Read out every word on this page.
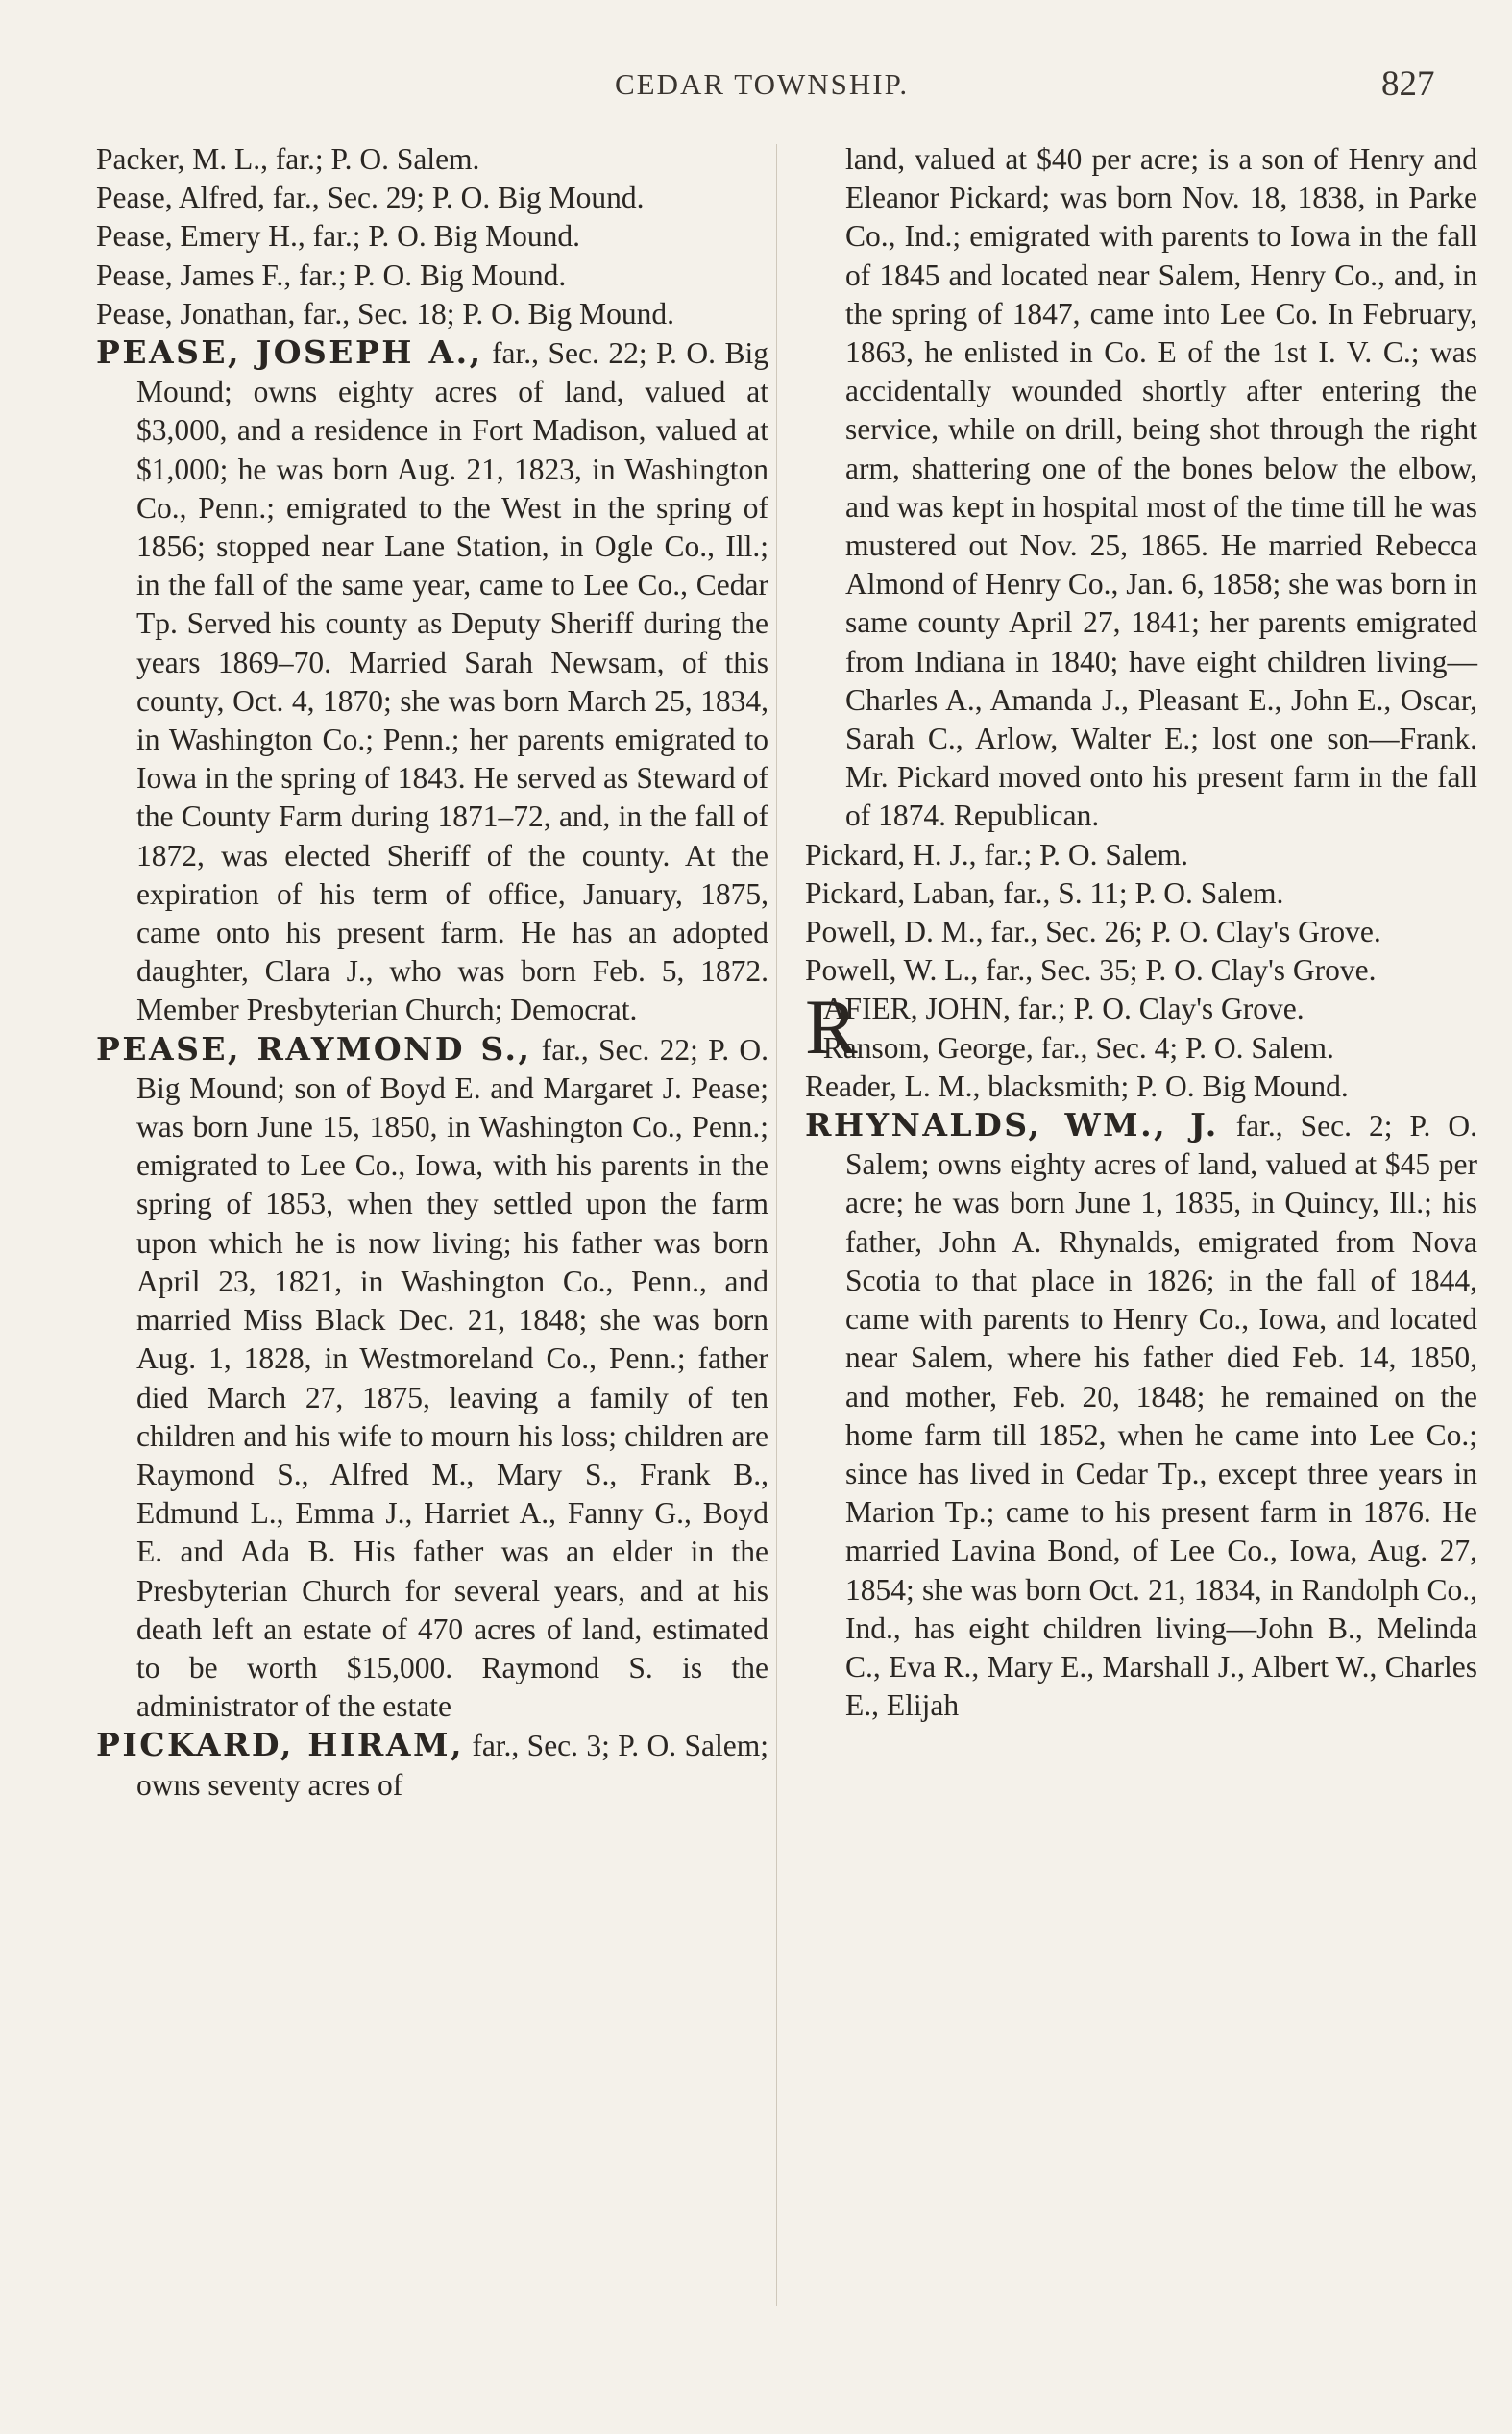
CEDAR TOWNSHIP.	827

Packer, M. L., far.; P. O. Salem.

Pease, Alfred, far., Sec. 29; P. O. Big Mound.

Pease, Emery H., far.; P. O. Big Mound.

Pease, James F., far.; P. O. Big Mound.

Pease, Jonathan, far., Sec. 18; P. O. Big Mound.

PEASE, JOSEPH A., far., Sec. 22; P. O. Big Mound; owns eighty acres of land, valued at $3,000, and a residence in Fort Madison, valued at $1,000; he was born Aug. 21, 1823, in Washington Co., Penn.; emigrated to the West in the spring of 1856; stopped near Lane Station, in Ogle Co., Ill.; in the fall of the same year, came to Lee Co., Cedar Tp. Served his county as Deputy Sheriff during the years 1869–70. Married Sarah Newsam, of this county, Oct. 4, 1870; she was born March 25, 1834, in Washington Co.; Penn.; her parents emigrated to Iowa in the spring of 1843. He served as Steward of the County Farm during 1871–72, and, in the fall of 1872, was elected Sheriff of the county. At the expiration of his term of office, January, 1875, came onto his present farm. He has an adopted daughter, Clara J., who was born Feb. 5, 1872. Member Presbyterian Church; Democrat.

PEASE, RAYMOND S., far., Sec. 22; P. O. Big Mound; son of Boyd E. and Margaret J. Pease; was born June 15, 1850, in Washington Co., Penn.; emigrated to Lee Co., Iowa, with his parents in the spring of 1853, when they settled upon the farm upon which he is now living; his father was born April 23, 1821, in Washington Co., Penn., and married Miss Black Dec. 21, 1848; she was born Aug. 1, 1828, in Westmoreland Co., Penn.; father died March 27, 1875, leaving a family of ten children and his wife to mourn his loss; children are Raymond S., Alfred M., Mary S., Frank B., Edmund L., Emma J., Harriet A., Fanny G., Boyd E. and Ada B. His father was an elder in the Presbyterian Church for several years, and at his death left an estate of 470 acres of land, estimated to be worth $15,000. Raymond S. is the administrator of the estate

PICKARD, HIRAM, far., Sec. 3; P. O. Salem; owns seventy acres of

land, valued at $40 per acre; is a son of Henry and Eleanor Pickard; was born Nov. 18, 1838, in Parke Co., Ind.; emigrated with parents to Iowa in the fall of 1845 and located near Salem, Henry Co., and, in the spring of 1847, came into Lee Co. In February, 1863, he enlisted in Co. E of the 1st I. V. C.; was accidentally wounded shortly after entering the service, while on drill, being shot through the right arm, shattering one of the bones below the elbow, and was kept in hospital most of the time till he was mustered out Nov. 25, 1865. He married Rebecca Almond of Henry Co., Jan. 6, 1858; she was born in same county April 27, 1841; her parents emigrated from Indiana in 1840; have eight children living—Charles A., Amanda J., Pleasant E., John E., Oscar, Sarah C., Arlow, Walter E.; lost one son—Frank. Mr. Pickard moved onto his present farm in the fall of 1874. Republican.

Pickard, H. J., far.; P. O. Salem.

Pickard, Laban, far., S. 11; P. O. Salem.

Powell, D. M., far., Sec. 26; P. O. Clay's Grove.

Powell, W. L., far., Sec. 35; P. O. Clay's Grove.

R
AFIER, JOHN, far.; P. O. Clay's Grove.

Ransom, George, far., Sec. 4; P. O. Salem.

Reader, L. M., blacksmith; P. O. Big Mound.

RHYNALDS, WM., J. far., Sec. 2; P. O. Salem; owns eighty acres of land, valued at $45 per acre; he was born June 1, 1835, in Quincy, Ill.; his father, John A. Rhynalds, emigrated from Nova Scotia to that place in 1826; in the fall of 1844, came with parents to Henry Co., Iowa, and located near Salem, where his father died Feb. 14, 1850, and mother, Feb. 20, 1848; he remained on the home farm till 1852, when he came into Lee Co.; since has lived in Cedar Tp., except three years in Marion Tp.; came to his present farm in 1876. He married Lavina Bond, of Lee Co., Iowa, Aug. 27, 1854; she was born Oct. 21, 1834, in Randolph Co., Ind., has eight children living—John B., Melinda C., Eva R., Mary E., Marshall J., Albert W., Charles E., Elijah
